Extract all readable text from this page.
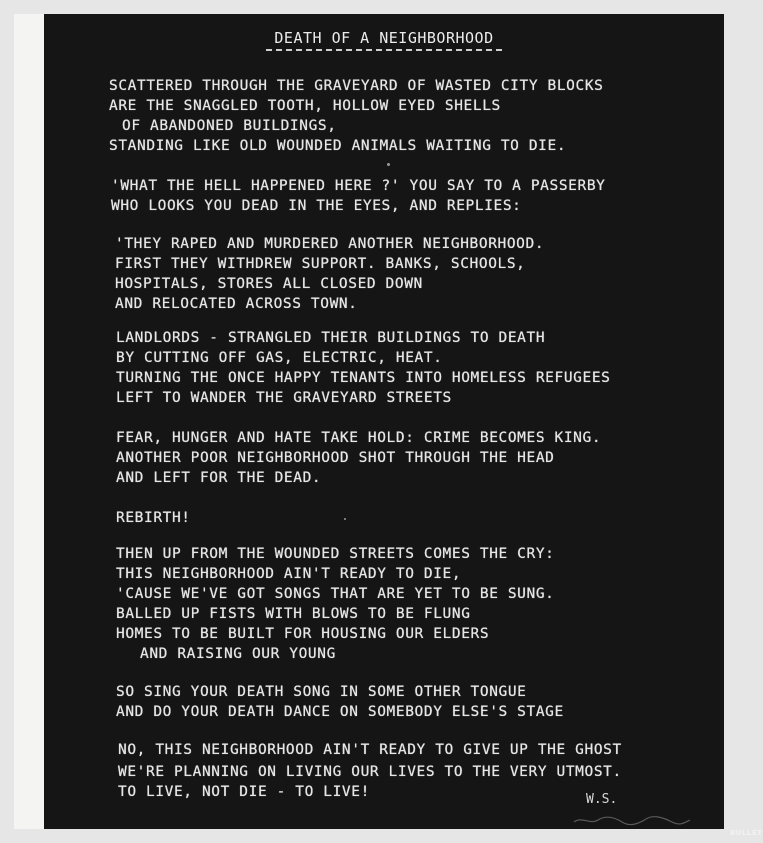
DEATH OF A NEIGHBORHOOD
SCATTERED THROUGH THE GRAVEYARD OF WASTED CITY BLOCKS
ARE THE SNAGGLED TOOTH, HOLLOW EYED SHELLS
OF ABANDONED BUILDINGS,
STANDING LIKE OLD WOUNDED ANIMALS WAITING TO DIE.
'WHAT THE HELL HAPPENED HERE ?' YOU SAY TO A PASSERBY
WHO LOOKS YOU DEAD IN THE EYES, AND REPLIES:
'THEY RAPED AND MURDERED ANOTHER NEIGHBORHOOD.
FIRST THEY WITHDREW SUPPORT. BANKS, SCHOOLS,
HOSPITALS, STORES ALL CLOSED DOWN
AND RELOCATED ACROSS TOWN.
LANDLORDS - STRANGLED THEIR BUILDINGS TO DEATH
BY CUTTING OFF GAS, ELECTRIC, HEAT.
TURNING THE ONCE HAPPY TENANTS INTO HOMELESS REFUGEES
LEFT TO WANDER THE GRAVEYARD STREETS
FEAR, HUNGER AND HATE TAKE HOLD: CRIME BECOMES KING.
ANOTHER POOR NEIGHBORHOOD SHOT THROUGH THE HEAD
AND LEFT FOR THE DEAD.
REBIRTH!
THEN UP FROM THE WOUNDED STREETS COMES THE CRY:
THIS NEIGHBORHOOD AIN'T READY TO DIE,
'CAUSE WE'VE GOT SONGS THAT ARE YET TO BE SUNG.
BALLED UP FISTS WITH BLOWS TO BE FLUNG
HOMES TO BE BUILT FOR HOUSING OUR ELDERS
AND RAISING OUR YOUNG
SO SING YOUR DEATH SONG IN SOME OTHER TONGUE
AND DO YOUR DEATH DANCE ON SOMEBODY ELSE'S STAGE
NO, THIS NEIGHBORHOOD AIN'T READY TO GIVE UP THE GHOST
WE'RE PLANNING ON LIVING OUR LIVES TO THE VERY UTMOST.
TO LIVE, NOT DIE - TO LIVE!	W.S.
BULLET
